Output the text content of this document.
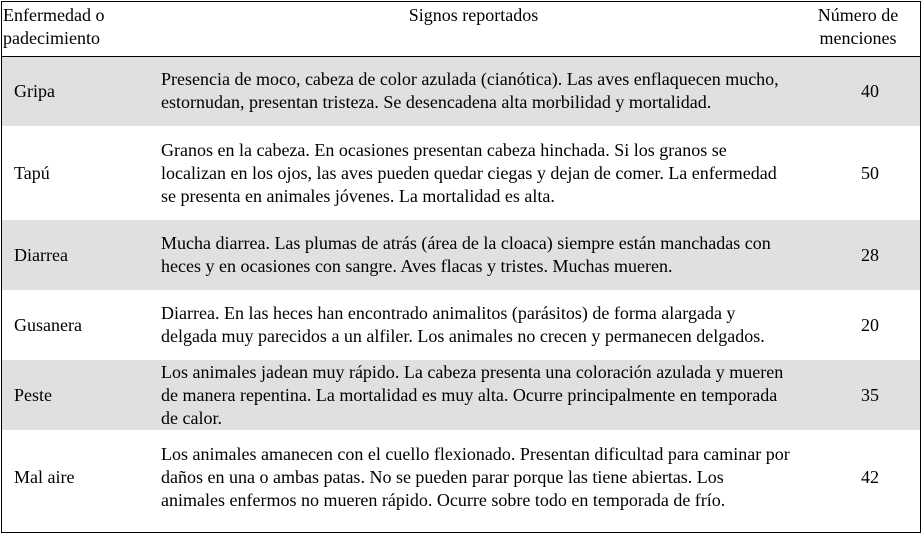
Enfermedad o padecimiento	Signos reportados	Número de menciones
Gripa	Presencia de moco, cabeza de color azulada (cianótica). Las aves enflaquecen mucho, estornudan, presentan tristeza. Se desencadena alta morbilidad y mortalidad.	40
Tapú	Granos en la cabeza. En ocasiones presentan cabeza hinchada. Si los granos se localizan en los ojos, las aves pueden quedar ciegas y dejan de comer. La enfermedad se presenta en animales jóvenes. La mortalidad es alta.	50
Diarrea	Mucha diarrea. Las plumas de atrás (área de la cloaca) siempre están manchadas con heces y en ocasiones con sangre. Aves flacas y tristes. Muchas mueren.	28
Gusanera	Diarrea. En las heces han encontrado animalitos (parásitos) de forma alargada y delgada muy parecidos a un alfiler. Los animales no crecen y permanecen delgados.	20
Peste	Los animales jadean muy rápido. La cabeza presenta una coloración azulada y mueren de manera repentina. La mortalidad es muy alta. Ocurre principalmente en temporada de calor.	35
Mal aire	Los animales amanecen con el cuello flexionado. Presentan dificultad para caminar por daños en una o ambas patas. No se pueden parar porque las tiene abiertas. Los animales enfermos no mueren rápido. Ocurre sobre todo en temporada de frío.	42
